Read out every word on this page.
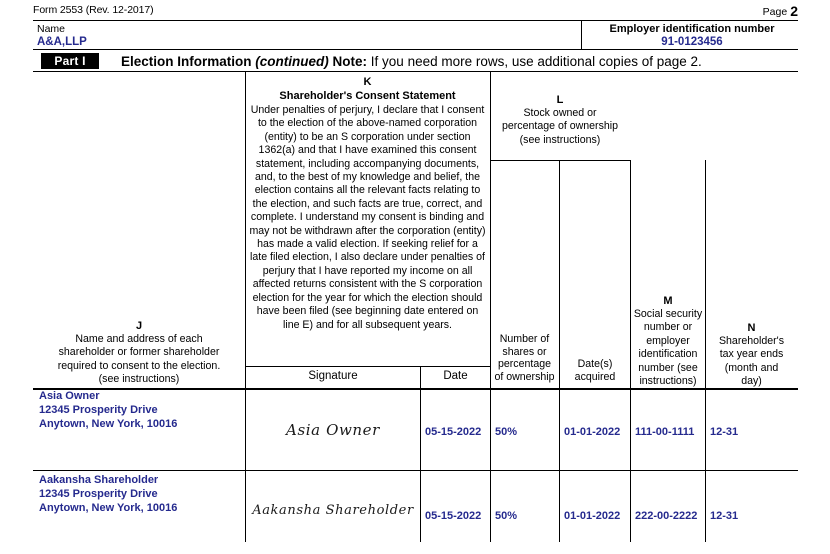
Form 2553 (Rev. 12-2017)	Page 2
Name
A&A,LLP
Employer identification number
91-0123456
Part I	Election Information (continued) Note: If you need more rows, use additional copies of page 2.
J
Name and address of each
shareholder or former shareholder
required to consent to the election.
(see instructions)
K
Shareholder's Consent Statement
Under penalties of perjury, I declare that I consent to the election of the above-named corporation (entity) to be an S corporation under section 1362(a) and that I have examined this consent statement, including accompanying documents, and, to the best of my knowledge and belief, the election contains all the relevant facts relating to the election, and such facts are true, correct, and complete. I understand my consent is binding and may not be withdrawn after the corporation (entity) has made a valid election. If seeking relief for a late filed election, I also declare under penalties of perjury that I have reported my income on all affected returns consistent with the S corporation election for the year for which the election should have been filed (see beginning date entered on line E) and for all subsequent years.
Signature	Date
L
Stock owned or
percentage of ownership
(see instructions)
Number of
shares or
percentage
of ownership
Date(s)
acquired
M
Social security
number or
employer
identification
number (see
instructions)
N
Shareholder's
tax year ends
(month and
day)
Asia Owner
12345 Prosperity Drive
Anytown, New York, 10016	Asia Owner	05-15-2022	50%	01-01-2022	111-00-1111	12-31
Aakansha Shareholder
12345 Prosperity Drive
Anytown, New York, 10016	Aakansha Shareholder	05-15-2022	50%	01-01-2022	222-00-2222	12-31
